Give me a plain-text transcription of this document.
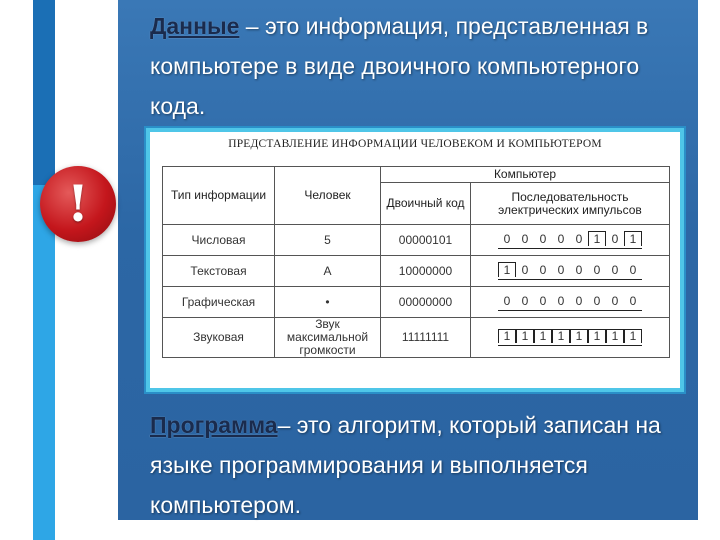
!

Данные – это информация, представленная в компьютере в виде двоичного компьютерного кода.

ПРЕДСТАВЛЕНИЕ ИНФОРМАЦИИ ЧЕЛОВЕКОМ И КОМПЬЮТЕРОМ
Тип информации	Человек	Компьютер	
		Двоичный код	Последовательность электрических импульсов
Числовая	5	00000101	0 0 0 0 0 1 0 1
Текстовая	A	10000000	1 0 0 0 0 0 0 0
Графическая	•	00000000	0 0 0 0 0 0 0 0
Звуковая	Звук максимальной громкости	11111111	1 1 1 1 1 1 1 1

Программа– это алгоритм, который записан на языке программирования и выполняется компьютером.
